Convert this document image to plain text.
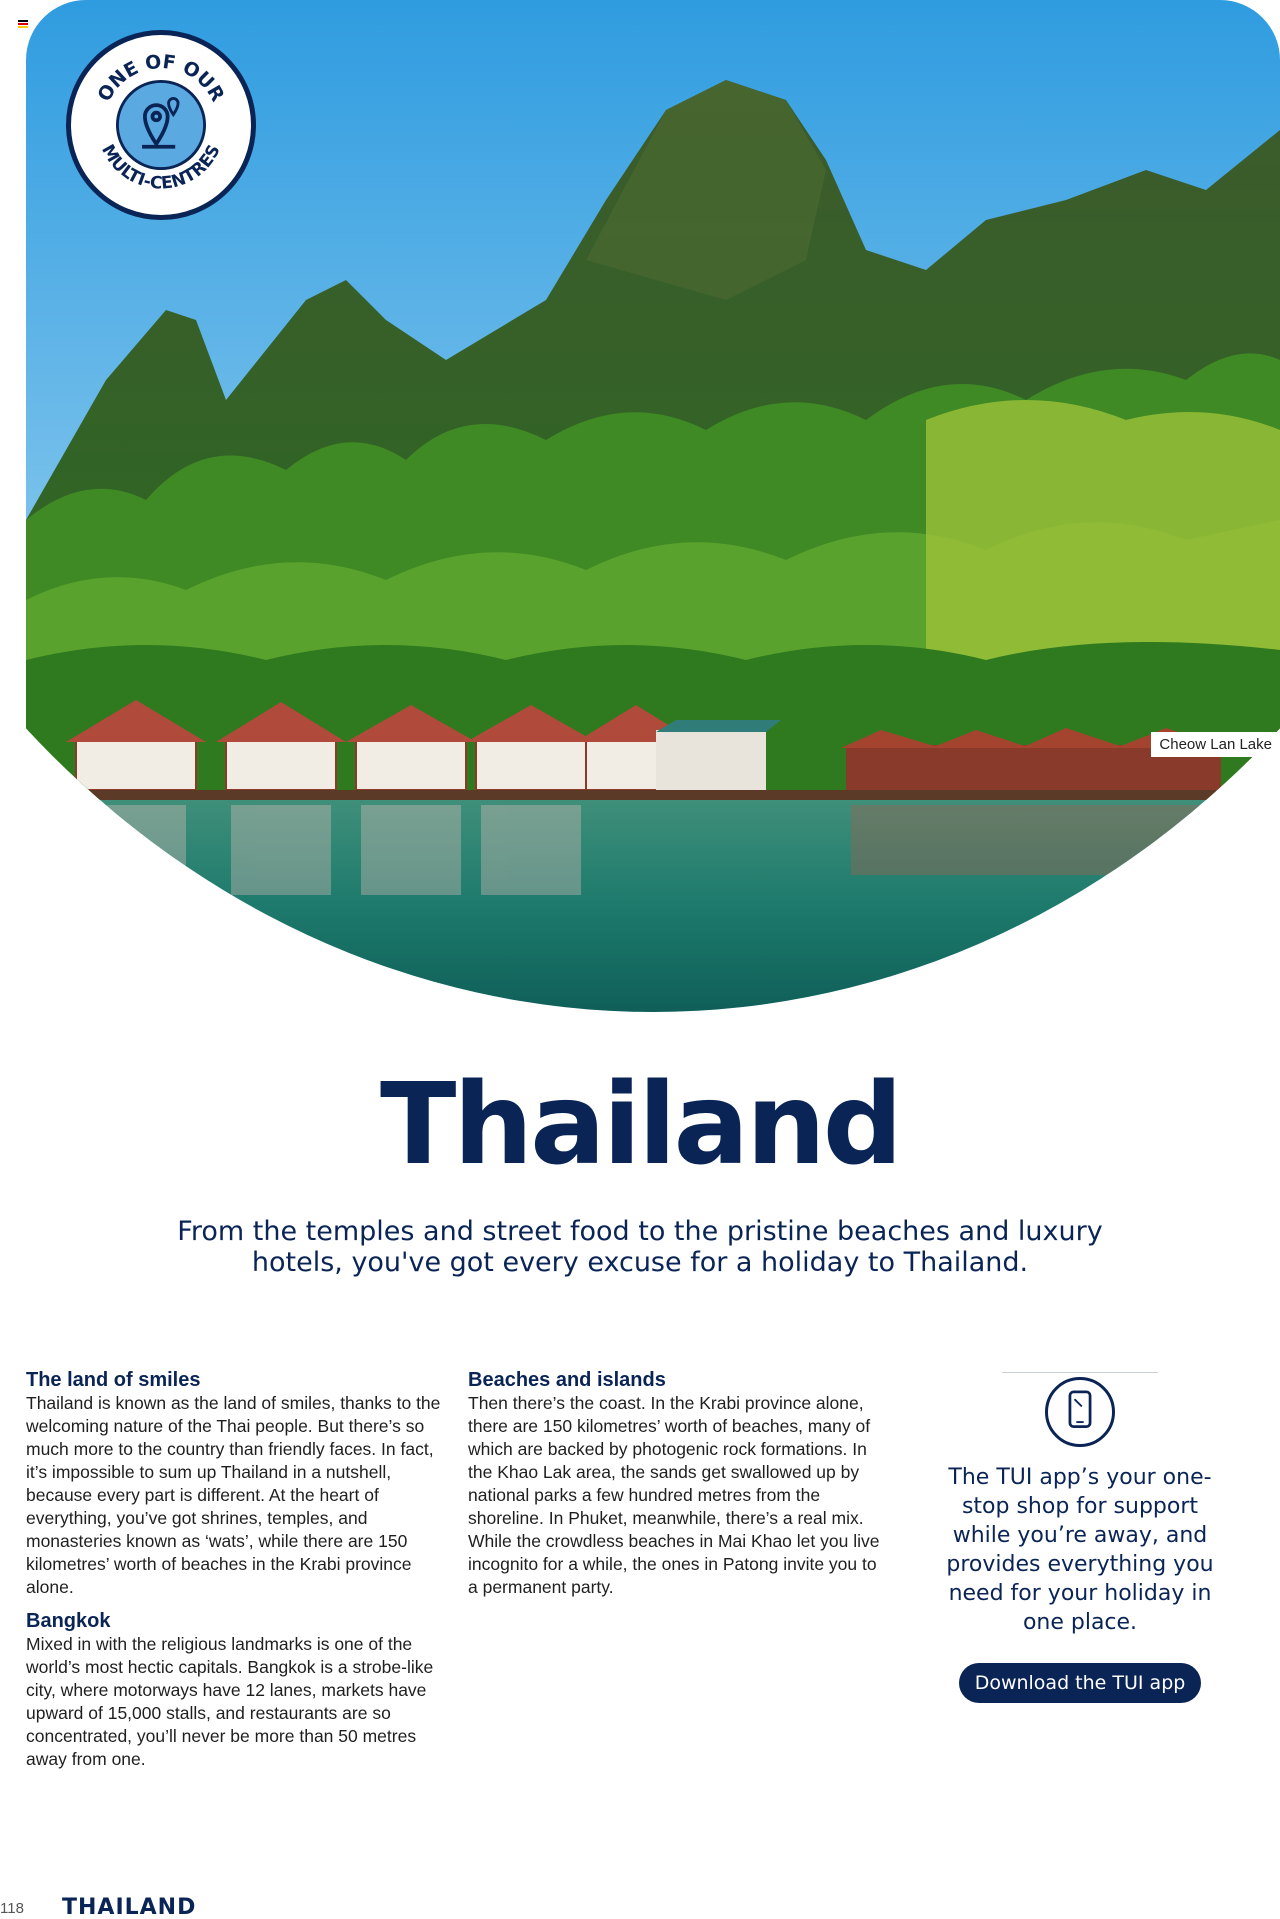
ONE OF OUR
MULTI-CENTRES
Cheow Lan Lake
Thailand

From the temples and street food to the pristine beaches and luxury hotels, you've got every excuse for a holiday to Thailand.

The land of smiles

Thailand is known as the land of smiles, thanks to the welcoming nature of the Thai people. But there’s so much more to the country than friendly faces. In fact, it’s impossible to sum up Thailand in a nutshell, because every part is different. At the heart of everything, you’ve got shrines, temples, and monasteries known as ‘wats’, while there are 150 kilometres’ worth of beaches in the Krabi province alone.

Bangkok

Mixed in with the religious landmarks is one of the world’s most hectic capitals. Bangkok is a strobe-like city, where motorways have 12 lanes, markets have upward of 15,000 stalls, and restaurants are so concentrated, you’ll never be more than 50 metres away from one.

Beaches and islands

Then there’s the coast. In the Krabi province alone, there are 150 kilometres’ worth of beaches, many of which are backed by photogenic rock formations. In the Khao Lak area, the sands get swallowed up by national parks a few hundred metres from the shoreline. In Phuket, meanwhile, there’s a real mix. While the crowdless beaches in Mai Khao let you live incognito for a while, the ones in Patong invite you to a permanent party.

The TUI app’s your one-stop shop for support while you’re away, and provides everything you need for your holiday in one place.

Download the TUI app
118 THAILAND
